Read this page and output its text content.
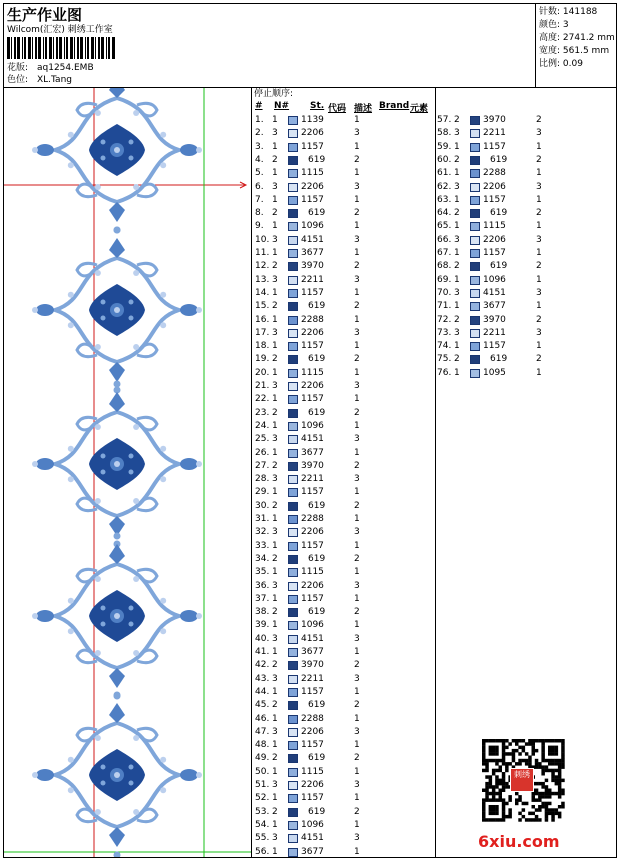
生产作业图
Wilcom(汇宏) 刺绣工作室
花版: aq1254.EMB
色位: XL.Tang
针数: 141188
颜色: 3
高度: 2741.2 mm
宽度: 561.5 mm
比例: 0.09
停止顺序:
# N# St. 代码 描述 Brand 元素
1. 1	1139	1
2. 3	2206	3
3. 1	1157	1
4. 2	619	2
5. 1	1115	1
6. 3	2206	3
7. 1	1157	1
8. 2	619	2
9. 1	1096	1
10. 3	4151	3
11. 1	3677	1
12. 2	3970	2
13. 3	2211	3
14. 1	1157	1
15. 2	619	2
16. 1	2288	1
17. 3	2206	3
18. 1	1157	1
19. 2	619	2
20. 1	1115	1
21. 3	2206	3
22. 1	1157	1
23. 2	619	2
24. 1	1096	1
25. 3	4151	3
26. 1	3677	1
27. 2	3970	2
28. 3	2211	3
29. 1	1157	1
30. 2	619	2
31. 1	2288	1
32. 3	2206	3
33. 1	1157	1
34. 2	619	2
35. 1	1115	1
36. 3	2206	3
37. 1	1157	1
38. 2	619	2
39. 1	1096	1
40. 3	4151	3
41. 1	3677	1
42. 2	3970	2
43. 3	2211	3
44. 1	1157	1
45. 2	619	2
46. 1	2288	1
47. 3	2206	3
48. 1	1157	1
49. 2	619	2
50. 1	1115	1
51. 3	2206	3
52. 1	1157	1
53. 2	619	2
54. 1	1096	1
55. 3	4151	3
56. 1	3677	1
57. 2	3970	2
58. 3	2211	3
59. 1	1157	1
60. 2	619	2
61. 1	2288	1
62. 3	2206	3
63. 1	1157	1
64. 2	619	2
65. 1	1115	1
66. 3	2206	3
67. 1	1157	1
68. 2	619	2
69. 1	1096	1
70. 3	4151	3
71. 1	3677	1
72. 2	3970	2
73. 3	2211	3
74. 1	1157	1
75. 2	619	2
76. 1	1095	1
刺绣
6xiu.com
